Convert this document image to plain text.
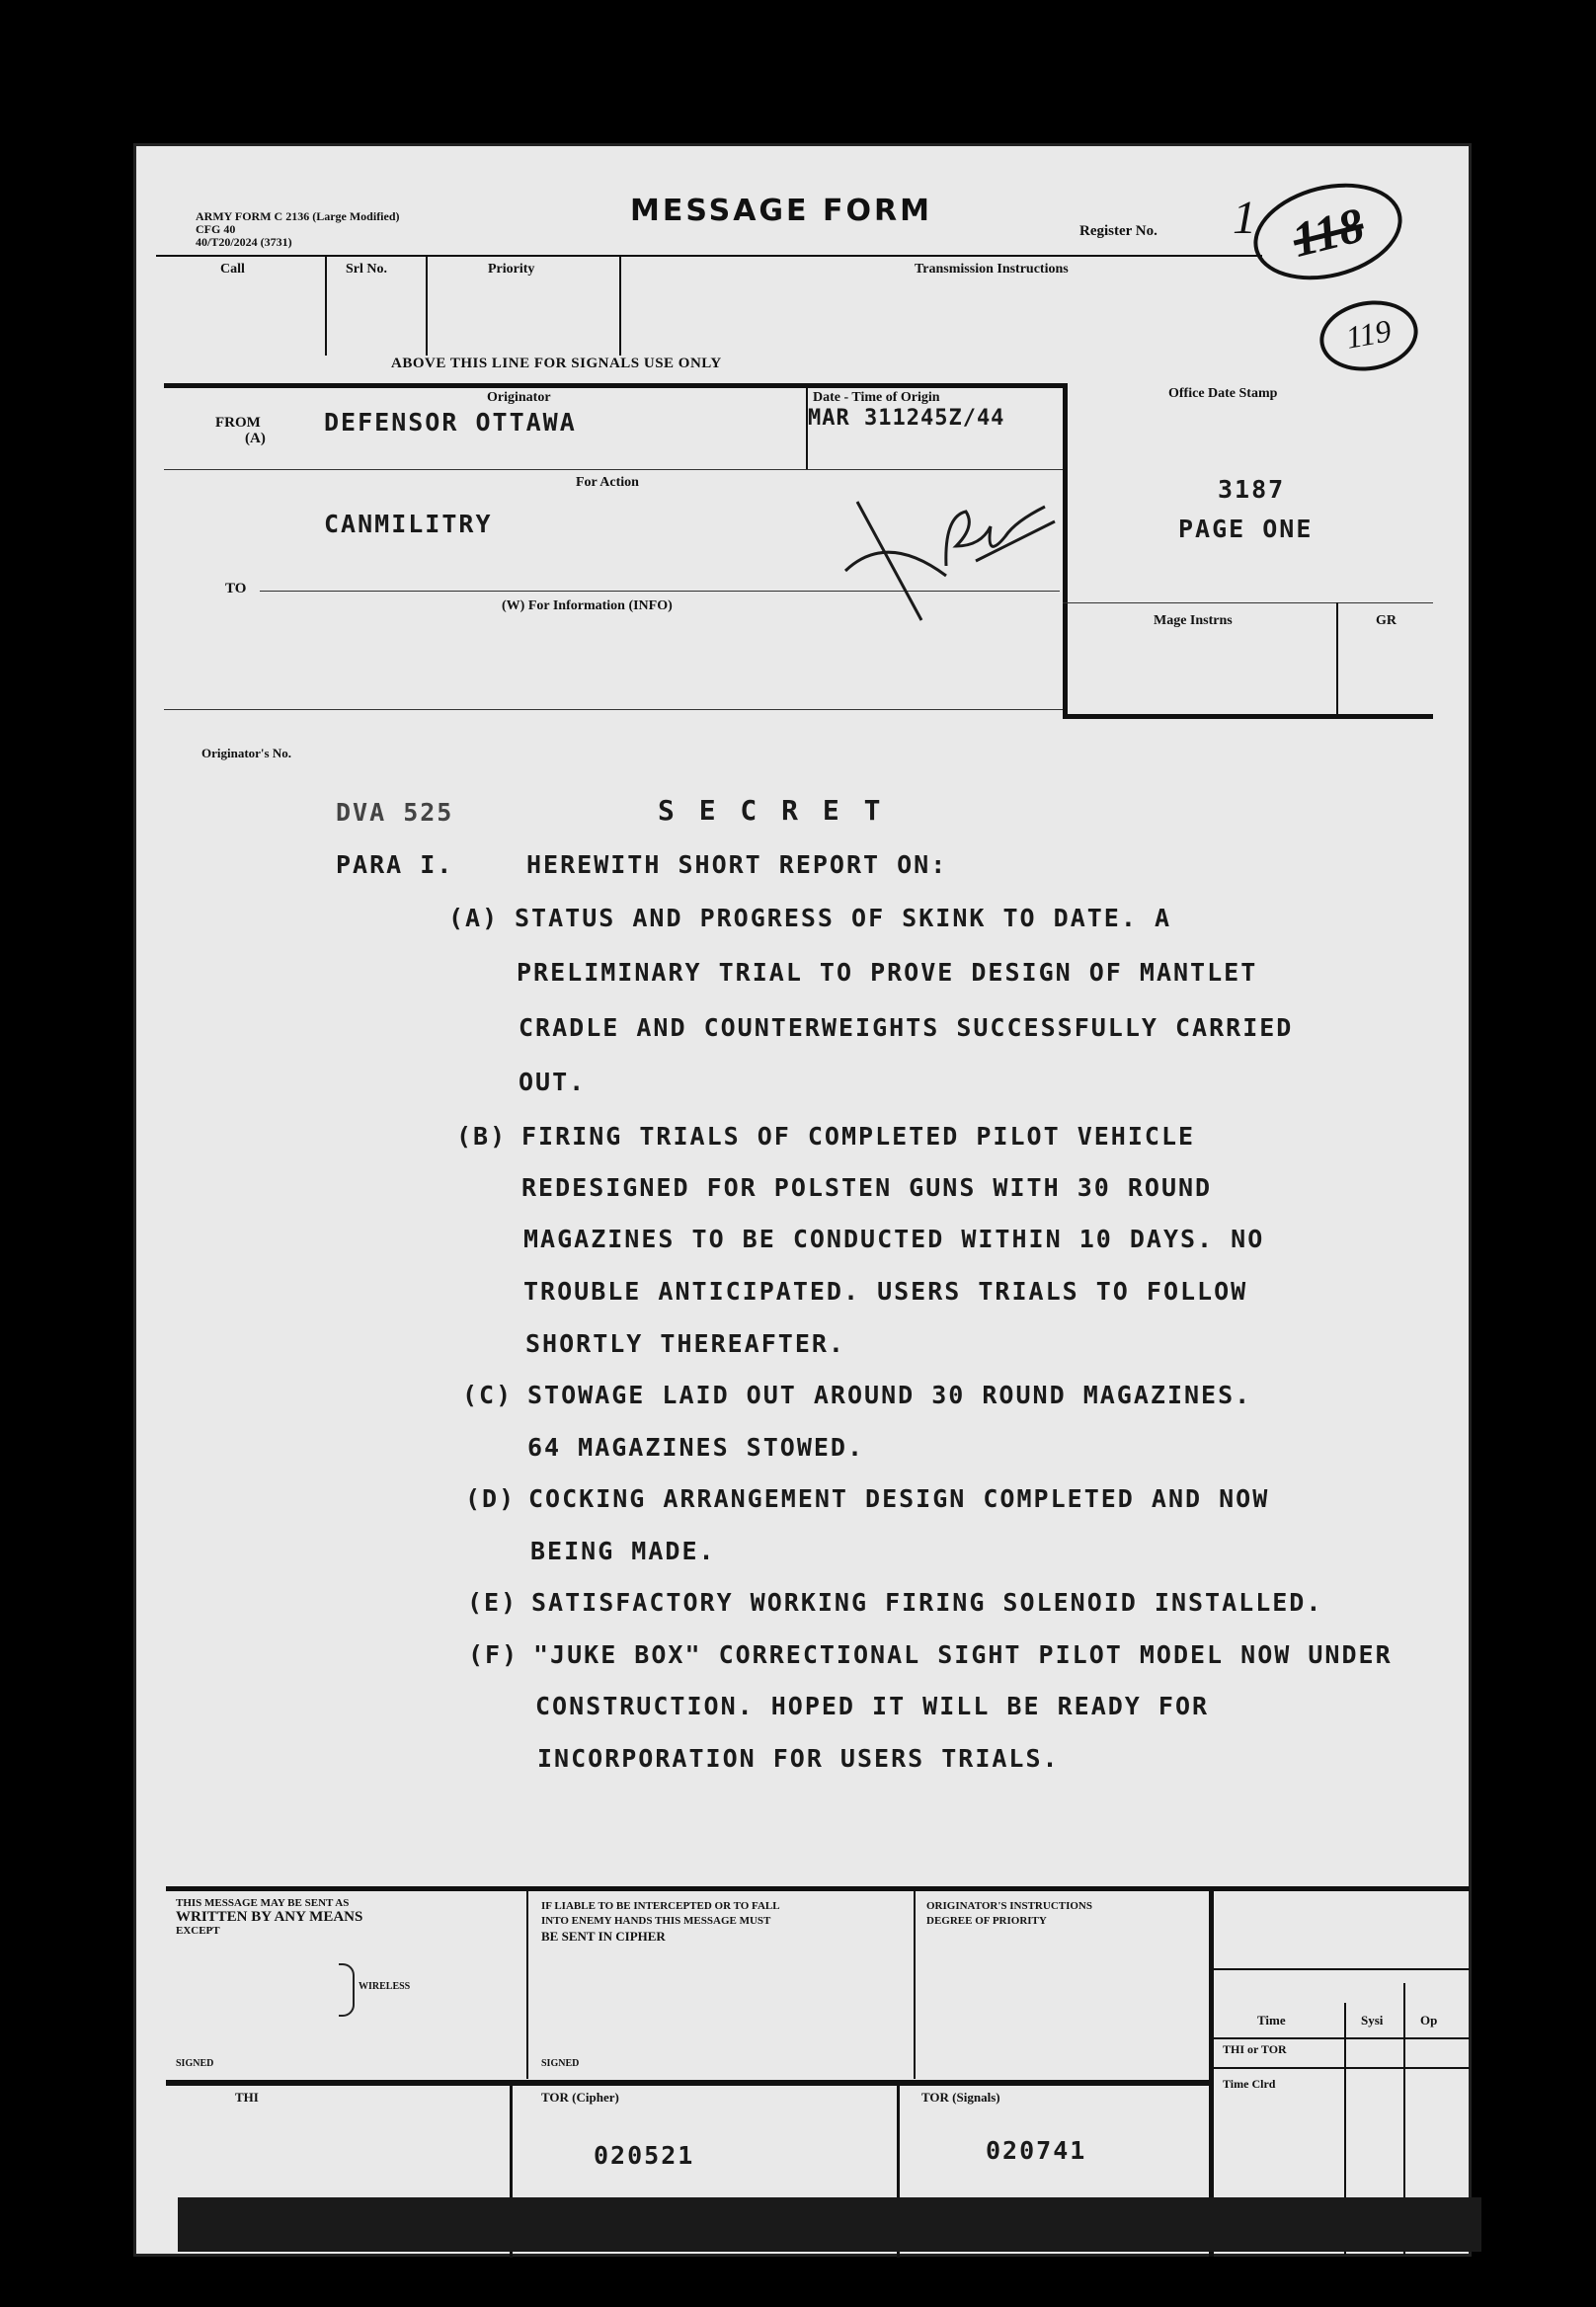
ARMY FORM C 2136 (Large Modified)
CFG 40
40/T20/2024 (3731)
MESSAGE FORM
Register No. 1 118
119
Call	Srl No.	Priority	Transmission Instructions
ABOVE THIS LINE FOR SIGNALS USE ONLY
Originator
FROM
(A)
DEFENSOR OTTAWA
Date - Time of Origin
MAR 311245Z/44
For Action
CANMILITRY
TO
(W) For Information (INFO)
Office Date Stamp
3187
PAGE ONE
Mage Instrns	GR
Originator's No.
DVA 525	S E C R E T
PARA I.	HEREWITH SHORT REPORT ON:
(A) STATUS AND PROGRESS OF SKINK TO DATE. A
PRELIMINARY TRIAL TO PROVE DESIGN OF MANTLET
CRADLE AND COUNTERWEIGHTS SUCCESSFULLY CARRIED
OUT.
(B) FIRING TRIALS OF COMPLETED PILOT VEHICLE
REDESIGNED FOR POLSTEN GUNS WITH 30 ROUND
MAGAZINES TO BE CONDUCTED WITHIN 10 DAYS. NO
TROUBLE ANTICIPATED. USERS TRIALS TO FOLLOW
SHORTLY THEREAFTER.
(C) STOWAGE LAID OUT AROUND 30 ROUND MAGAZINES.
64 MAGAZINES STOWED.
(D) COCKING ARRANGEMENT DESIGN COMPLETED AND NOW
BEING MADE.
(E) SATISFACTORY WORKING FIRING SOLENOID INSTALLED.
(F) "JUKE BOX" CORRECTIONAL SIGHT PILOT MODEL NOW UNDER
CONSTRUCTION. HOPED IT WILL BE READY FOR
INCORPORATION FOR USERS TRIALS.
THIS MESSAGE MAY BE SENT AS
WRITTEN BY ANY MEANS
EXCEPT
WIRELESS
SIGNED
IF LIABLE TO BE INTERCEPTED OR TO FALL
INTO ENEMY HANDS THIS MESSAGE MUST
BE SENT IN CIPHER
SIGNED
ORIGINATOR'S INSTRUCTIONS
DEGREE OF PRIORITY
Time	Sysi	Op
THI or TOR
Time Clrd
THI	TOR (Cipher)
020521
TOR (Signals)
020741
